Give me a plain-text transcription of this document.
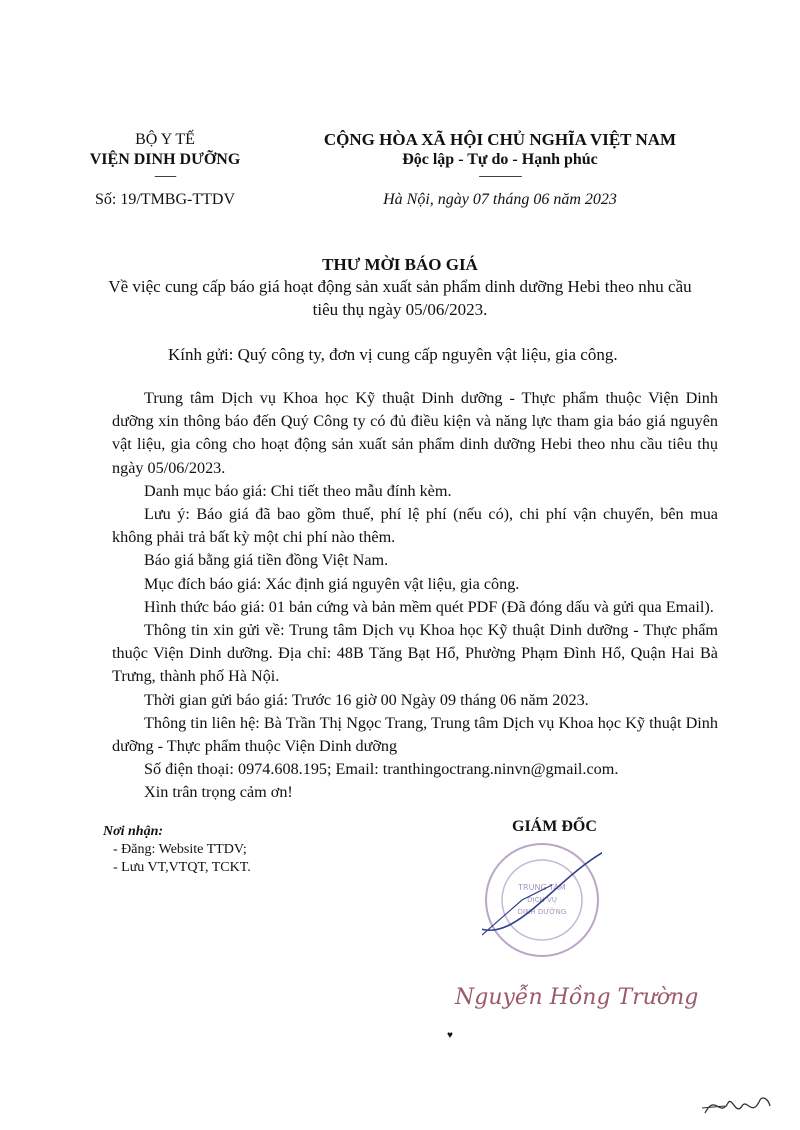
BỘ Y TẾ
VIỆN DINH DƯỠNG
--------
Số: 19/TMBG-TTDV
CỘNG HÒA XÃ HỘI CHỦ NGHĨA VIỆT NAM
Độc lập - Tự do - Hạnh phúc
----------------
Hà Nội, ngày 07 tháng 06 năm 2023
THƯ MỜI BÁO GIÁ
Về việc cung cấp báo giá hoạt động sản xuất sản phẩm dinh dưỡng Hebi theo nhu cầu
tiêu thụ ngày 05/06/2023.
Kính gửi: Quý công ty, đơn vị cung cấp nguyên vật liệu, gia công.

Trung tâm Dịch vụ Khoa học Kỹ thuật Dinh dưỡng - Thực phẩm thuộc Viện Dinh dưỡng xin thông báo đến Quý Công ty có đủ điều kiện và năng lực tham gia báo giá nguyên vật liệu, gia công cho hoạt động sản xuất sản phẩm dinh dưỡng Hebi theo nhu cầu tiêu thụ ngày 05/06/2023.

Danh mục báo giá: Chi tiết theo mẫu đính kèm.

Lưu ý: Báo giá đã bao gồm thuế, phí lệ phí (nếu có), chi phí vận chuyển, bên mua không phải trả bất kỳ một chi phí nào thêm.

Báo giá bằng giá tiền đồng Việt Nam.

Mục đích báo giá: Xác định giá nguyên vật liệu, gia công.

Hình thức báo giá: 01 bản cứng và bản mềm quét PDF (Đã đóng dấu và gửi qua Email).

Thông tin xin gửi về: Trung tâm Dịch vụ Khoa học Kỹ thuật Dinh dưỡng - Thực phẩm thuộc Viện Dinh dưỡng. Địa chỉ: 48B Tăng Bạt Hổ, Phường Phạm Đình Hổ, Quận Hai Bà Trưng, thành phố Hà Nội.

Thời gian gửi báo giá: Trước 16 giờ 00 Ngày 09 tháng 06 năm 2023.

Thông tin liên hệ: Bà Trần Thị Ngọc Trang, Trung tâm Dịch vụ Khoa học Kỹ thuật Dinh dưỡng - Thực phẩm thuộc Viện Dinh dưỡng

Số điện thoại: 0974.608.195; Email: tranthingoctrang.ninvn@gmail.com.

Xin trân trọng cảm ơn!

Nơi nhận:
- Đăng: Website TTDV;
- Lưu VT,VTQT, TCKT.
GIÁM ĐỐC
TRUNG TÂM
DỊCH VỤ
DINH DƯỠNG
Nguyễn Hồng Trường
♥
